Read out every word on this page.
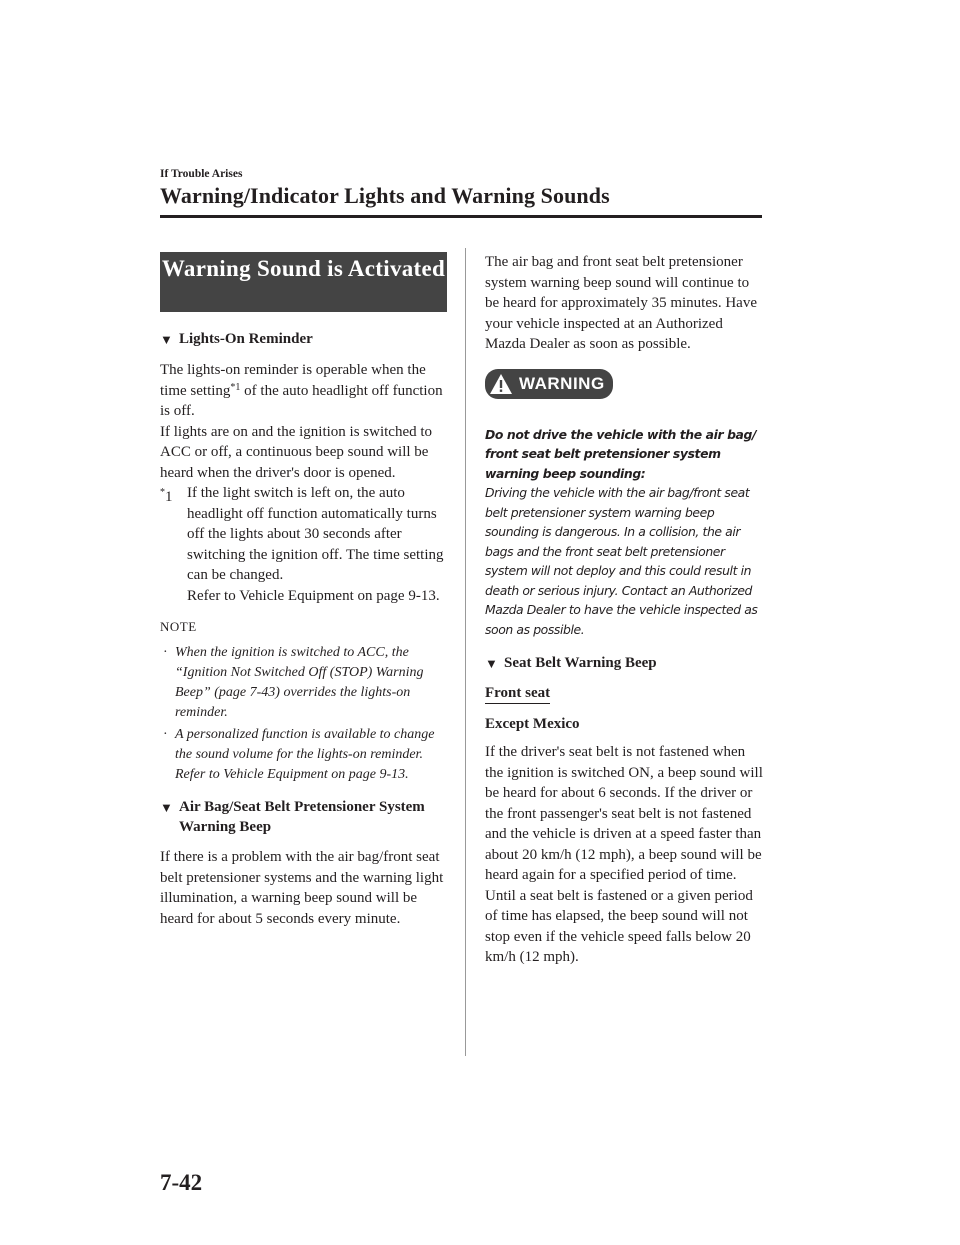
If Trouble Arises
Warning/Indicator Lights and Warning Sounds
Warning Sound is Activated
▼ Lights-On Reminder

The lights-on reminder is operable when the time setting$^{*1}$ of the auto headlight off function is off.

If lights are on and the ignition is switched to ACC or off, a continuous beep sound will be heard when the driver's door is opened.

*1 If the light switch is left on, the auto headlight off function automatically turns off the lights about 30 seconds after switching the ignition off. The time setting can be changed.
Refer to Vehicle Equipment on page 9-13.

NOTE

· When the ignition is switched to ACC, the “Ignition Not Switched Off (STOP) Warning Beep” (page 7-43) overrides the lights-on reminder.
· A personalized function is available to change the sound volume for the lights-on reminder.
Refer to Vehicle Equipment on page 9-13.
▼ Air Bag/Seat Belt Pretensioner System Warning Beep

If there is a problem with the air bag/front seat belt pretensioner systems and the warning light illumination, a warning beep sound will be heard for about 5 seconds every minute.

The air bag and front seat belt pretensioner system warning beep sound will continue to be heard for approximately 35 minutes. Have your vehicle inspected at an Authorized Mazda Dealer as soon as possible.

WARNING

Do not drive the vehicle with the air bag/ front seat belt pretensioner system warning beep sounding:

Driving the vehicle with the air bag/front seat belt pretensioner system warning beep sounding is dangerous. In a collision, the air bags and the front seat belt pretensioner system will not deploy and this could result in death or serious injury. Contact an Authorized Mazda Dealer to have the vehicle inspected as soon as possible.

▼ Seat Belt Warning Beep
Front seat

Except Mexico

If the driver's seat belt is not fastened when the ignition is switched ON, a beep sound will be heard for about 6 seconds. If the driver or the front passenger's seat belt is not fastened and the vehicle is driven at a speed faster than about 20 km/h (12 mph), a beep sound will be heard again for a specified period of time.

Until a seat belt is fastened or a given period of time has elapsed, the beep sound will not stop even if the vehicle speed falls below 20 km/h (12 mph).

7-42
